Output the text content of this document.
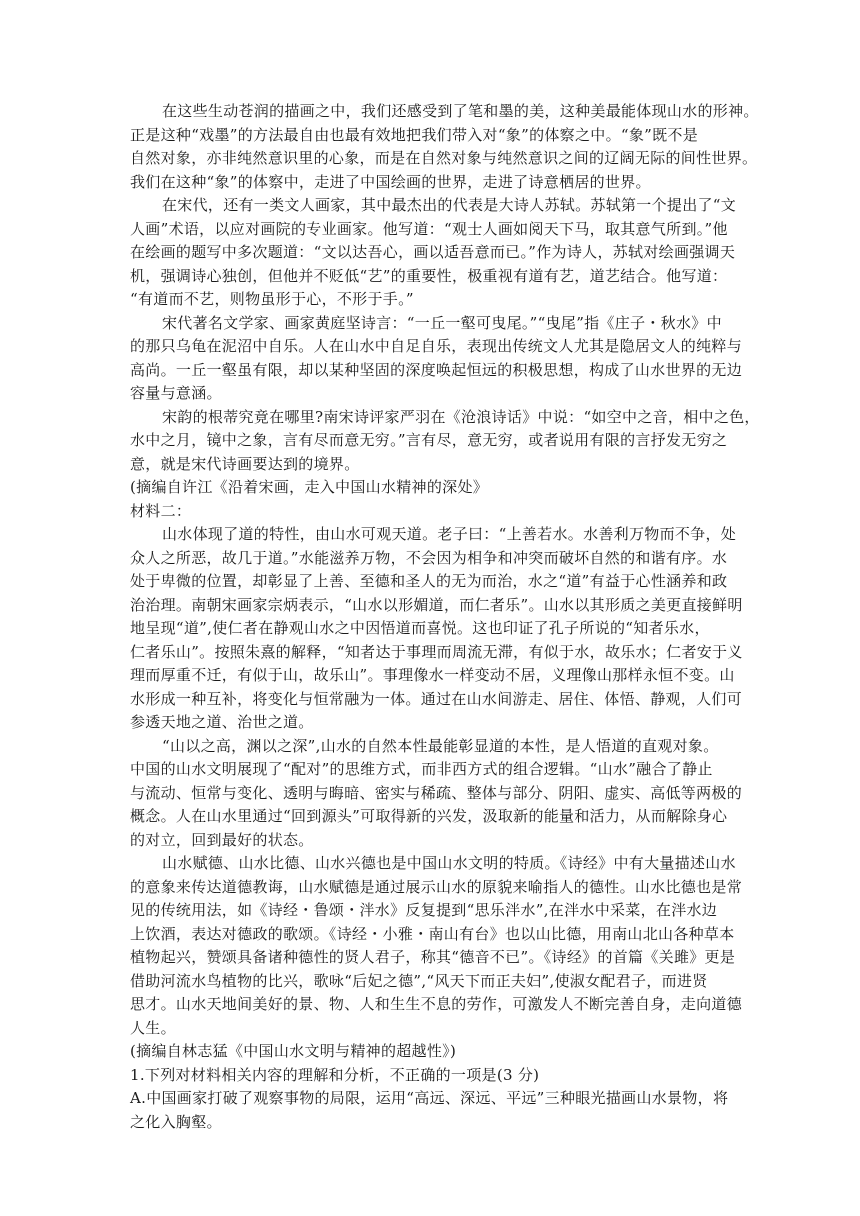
在这些生动苍润的描画之中，我们还感受到了笔和墨的美，这种美最能体现山水的形神。

正是这种“戏墨”的方法最自由也最有效地把我们带入对“象”的体察之中。“象”既不是

自然对象，亦非纯然意识里的心象，而是在自然对象与纯然意识之间的辽阔无际的间性世界。

我们在这种“象”的体察中，走进了中国绘画的世界，走进了诗意栖居的世界。

在宋代，还有一类文人画家，其中最杰出的代表是大诗人苏轼。苏轼第一个提出了“文

人画”术语，以应对画院的专业画家。他写道：“观士人画如阅天下马，取其意气所到。”他

在绘画的题写中多次题道：“文以达吾心，画以适吾意而已。”作为诗人，苏轼对绘画强调天

机，强调诗心独创，但他并不贬低“艺”的重要性，极重视有道有艺，道艺结合。他写道：

“有道而不艺，则物虽形于心，不形于手。”

宋代著名文学家、画家黄庭坚诗言：“一丘一壑可曳尾。”“曳尾”指《庄子・秋水》中

的那只乌龟在泥沼中自乐。人在山水中自足自乐，表现出传统文人尤其是隐居文人的纯粹与

高尚。一丘一壑虽有限，却以某种坚固的深度唤起恒远的积极思想，构成了山水世界的无边

容量与意涵。

宋韵的根蒂究竟在哪里?南宋诗评家严羽在《沧浪诗话》中说：“如空中之音，相中之色，

水中之月，镜中之象，言有尽而意无穷。”言有尽，意无穷，或者说用有限的言抒发无穷之

意，就是宋代诗画要达到的境界。

(摘编自许江《沿着宋画，走入中国山水精神的深处》

材料二：

山水体现了道的特性，由山水可观天道。老子曰：“上善若水。水善利万物而不争，处

众人之所恶，故几于道。”水能滋养万物，不会因为相争和冲突而破坏自然的和谐有序。水

处于卑微的位置，却彰显了上善、至德和圣人的无为而治，水之“道”有益于心性涵养和政

治治理。南朝宋画家宗炳表示，“山水以形媚道，而仁者乐”。山水以其形质之美更直接鲜明

地呈现“道”,使仁者在静观山水之中因悟道而喜悦。这也印证了孔子所说的“知者乐水，

仁者乐山”。按照朱熹的解释，“知者达于事理而周流无滞，有似于水，故乐水；仁者安于义

理而厚重不迁，有似于山，故乐山”。事理像水一样变动不居，义理像山那样永恒不变。山

水形成一种互补，将变化与恒常融为一体。通过在山水间游走、居住、体悟、静观，人们可

参透天地之道、治世之道。

“山以之高，渊以之深”,山水的自然本性最能彰显道的本性，是人悟道的直观对象。

中国的山水文明展现了“配对”的思维方式，而非西方式的组合逻辑。“山水”融合了静止

与流动、恒常与变化、透明与晦暗、密实与稀疏、整体与部分、阴阳、虚实、高低等两极的

概念。人在山水里通过“回到源头”可取得新的兴发，汲取新的能量和活力，从而解除身心

的对立，回到最好的状态。

山水赋德、山水比德、山水兴德也是中国山水文明的特质。《诗经》中有大量描述山水

的意象来传达道德教诲，山水赋德是通过展示山水的原貌来喻指人的德性。山水比德也是常

见的传统用法，如《诗经・鲁颂・泮水》反复提到“思乐泮水”,在泮水中采菜，在泮水边

上饮酒，表达对德政的歌颂。《诗经・小雅・南山有台》也以山比德，用南山北山各种草本

植物起兴，赞颂具备诸种德性的贤人君子，称其“德音不已”。《诗经》的首篇《关雎》更是

借助河流水鸟植物的比兴，歌咏“后妃之德”,“风天下而正夫妇”,使淑女配君子，而进贤

思才。山水天地间美好的景、物、人和生生不息的劳作，可激发人不断完善自身，走向道德

人生。

(摘编自林志猛《中国山水文明与精神的超越性》)

1.下列对材料相关内容的理解和分析，不正确的一项是(3 分)

A.中国画家打破了观察事物的局限，运用“高远、深远、平远”三种眼光描画山水景物，将

之化入胸壑。
